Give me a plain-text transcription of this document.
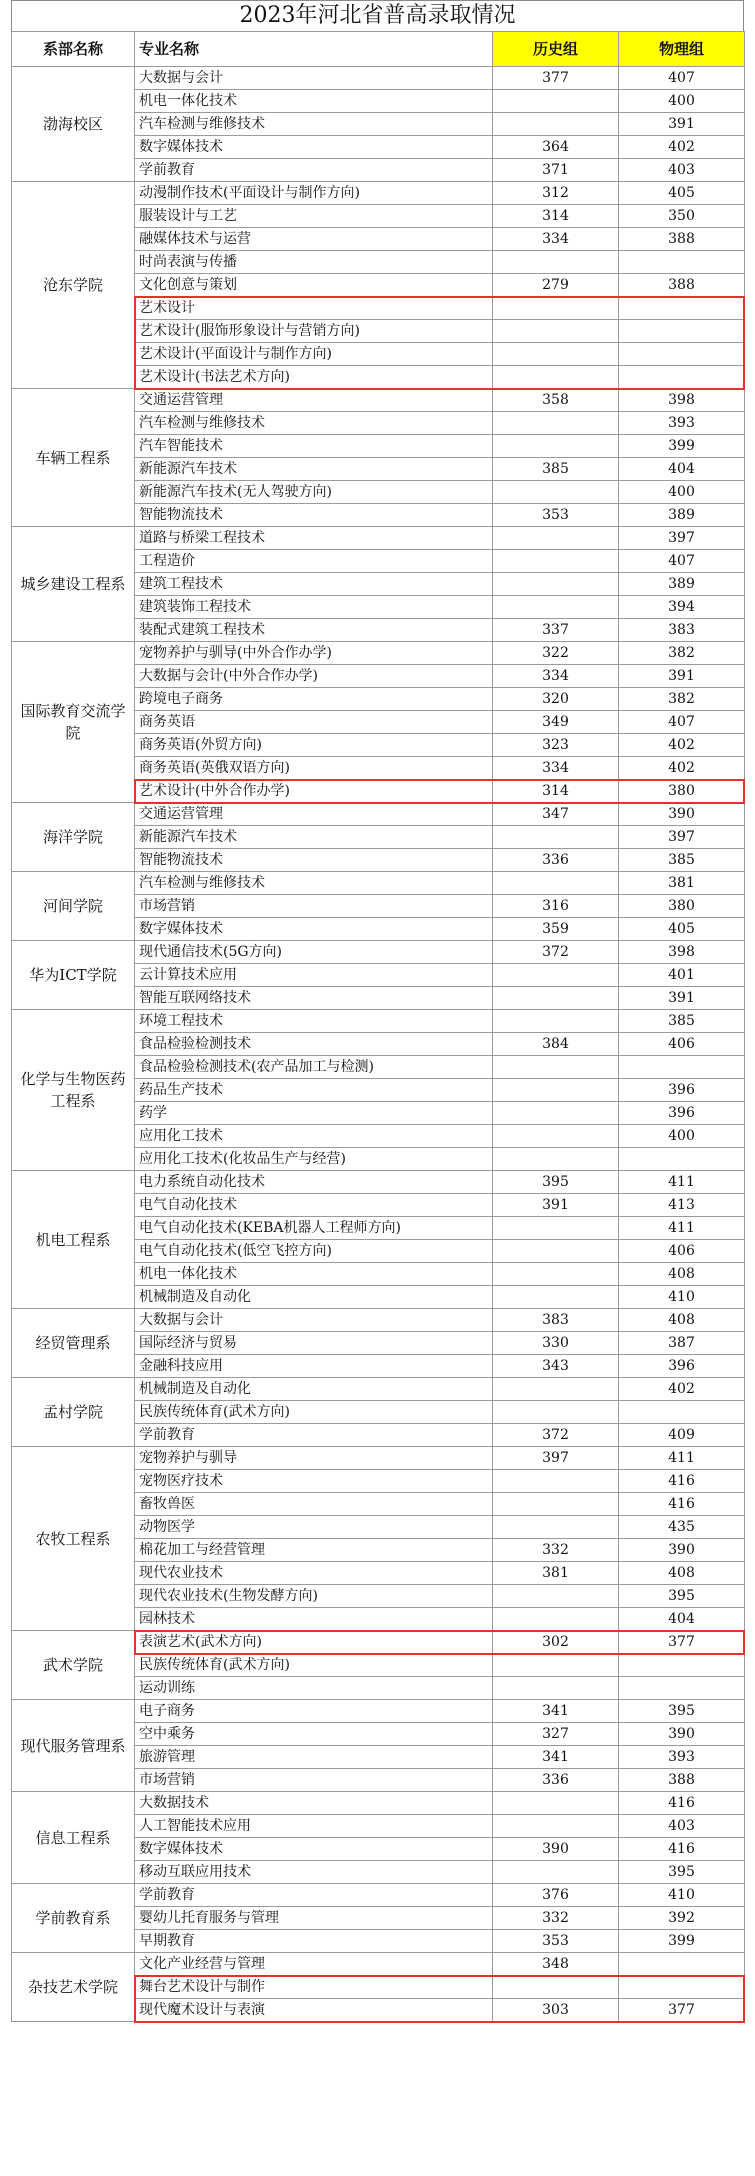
2023年河北省普高录取情况
系部名称	专业名称	历史组	物理组
渤海校区	大数据与会计	377	407
	机电一体化技术		400
	汽车检测与维修技术		391
	数字媒体技术	364	402
	学前教育	371	403
沧东学院	动漫制作技术(平面设计与制作方向)	312	405
	服装设计与工艺	314	350
	融媒体技术与运营	334	388
	时尚表演与传播		
	文化创意与策划	279	388
	艺术设计		
	艺术设计(服饰形象设计与营销方向)		
	艺术设计(平面设计与制作方向)		
	艺术设计(书法艺术方向)		
车辆工程系	交通运营管理	358	398
	汽车检测与维修技术		393
	汽车智能技术		399
	新能源汽车技术	385	404
	新能源汽车技术(无人驾驶方向)		400
	智能物流技术	353	389
城乡建设工程系	道路与桥梁工程技术		397
	工程造价		407
	建筑工程技术		389
	建筑装饰工程技术		394
	装配式建筑工程技术	337	383
国际教育交流学院	宠物养护与驯导(中外合作办学)	322	382
	大数据与会计(中外合作办学)	334	391
	跨境电子商务	320	382
	商务英语	349	407
	商务英语(外贸方向)	323	402
	商务英语(英俄双语方向)	334	402
	艺术设计(中外合作办学)	314	380
海洋学院	交通运营管理	347	390
	新能源汽车技术		397
	智能物流技术	336	385
河间学院	汽车检测与维修技术		381
	市场营销	316	380
	数字媒体技术	359	405
华为ICT学院	现代通信技术(5G方向)	372	398
	云计算技术应用		401
	智能互联网络技术		391
化学与生物医药工程系	环境工程技术		385
	食品检验检测技术	384	406
	食品检验检测技术(农产品加工与检测)		
	药品生产技术		396
	药学		396
	应用化工技术		400
	应用化工技术(化妆品生产与经营)		
机电工程系	电力系统自动化技术	395	411
	电气自动化技术	391	413
	电气自动化技术(KEBA机器人工程师方向)		411
	电气自动化技术(低空飞控方向)		406
	机电一体化技术		408
	机械制造及自动化		410
经贸管理系	大数据与会计	383	408
	国际经济与贸易	330	387
	金融科技应用	343	396
孟村学院	机械制造及自动化		402
	民族传统体育(武术方向)		
	学前教育	372	409
农牧工程系	宠物养护与驯导	397	411
	宠物医疗技术		416
	畜牧兽医		416
	动物医学		435
	棉花加工与经营管理	332	390
	现代农业技术	381	408
	现代农业技术(生物发酵方向)		395
	园林技术		404
武术学院	表演艺术(武术方向)	302	377
	民族传统体育(武术方向)		
	运动训练		
现代服务管理系	电子商务	341	395
	空中乘务	327	390
	旅游管理	341	393
	市场营销	336	388
信息工程系	大数据技术		416
	人工智能技术应用		403
	数字媒体技术	390	416
	移动互联应用技术		395
学前教育系	学前教育	376	410
	婴幼儿托育服务与管理	332	392
	早期教育	353	399
杂技艺术学院	文化产业经营与管理	348	
	舞台艺术设计与制作		
	现代魔术设计与表演	303	377
